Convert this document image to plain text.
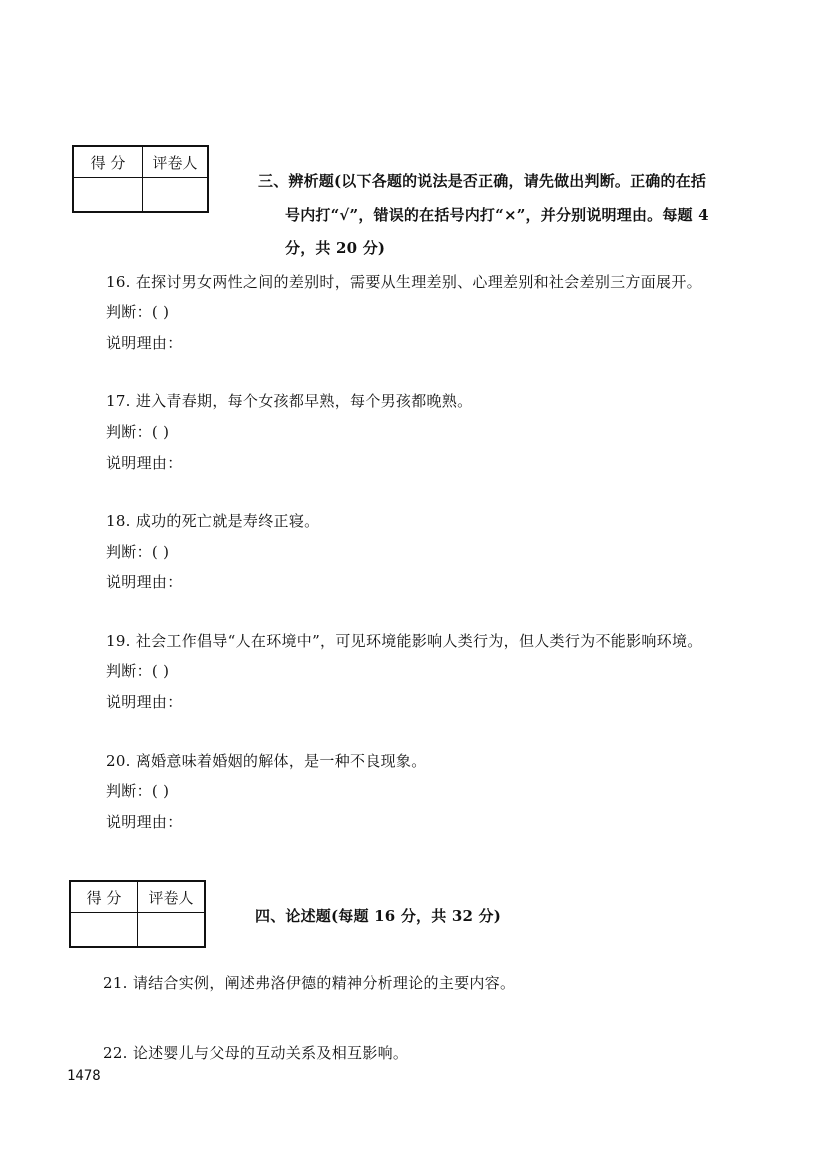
得 分	评卷人

三、辨析题(以下各题的说法是否正确，请先做出判断。正确的在括
号内打“√”，错误的在括号内打“×”，并分别说明理由。每题 4
分，共 20 分)
16. 在探讨男女两性之间的差别时，需要从生理差别、心理差别和社会差别三方面展开。
判断：( )
说明理由：
17. 进入青春期，每个女孩都早熟，每个男孩都晚熟。
判断：( )
说明理由：
18. 成功的死亡就是寿终正寝。
判断：( )
说明理由：
19. 社会工作倡导“人在环境中”，可见环境能影响人类行为，但人类行为不能影响环境。
判断：( )
说明理由：
20. 离婚意味着婚姻的解体，是一种不良现象。
判断：( )
说明理由：
得 分	评卷人

四、论述题(每题 16 分，共 32 分)
21. 请结合实例，阐述弗洛伊德的精神分析理论的主要内容。
22. 论述婴儿与父母的互动关系及相互影响。
1478
